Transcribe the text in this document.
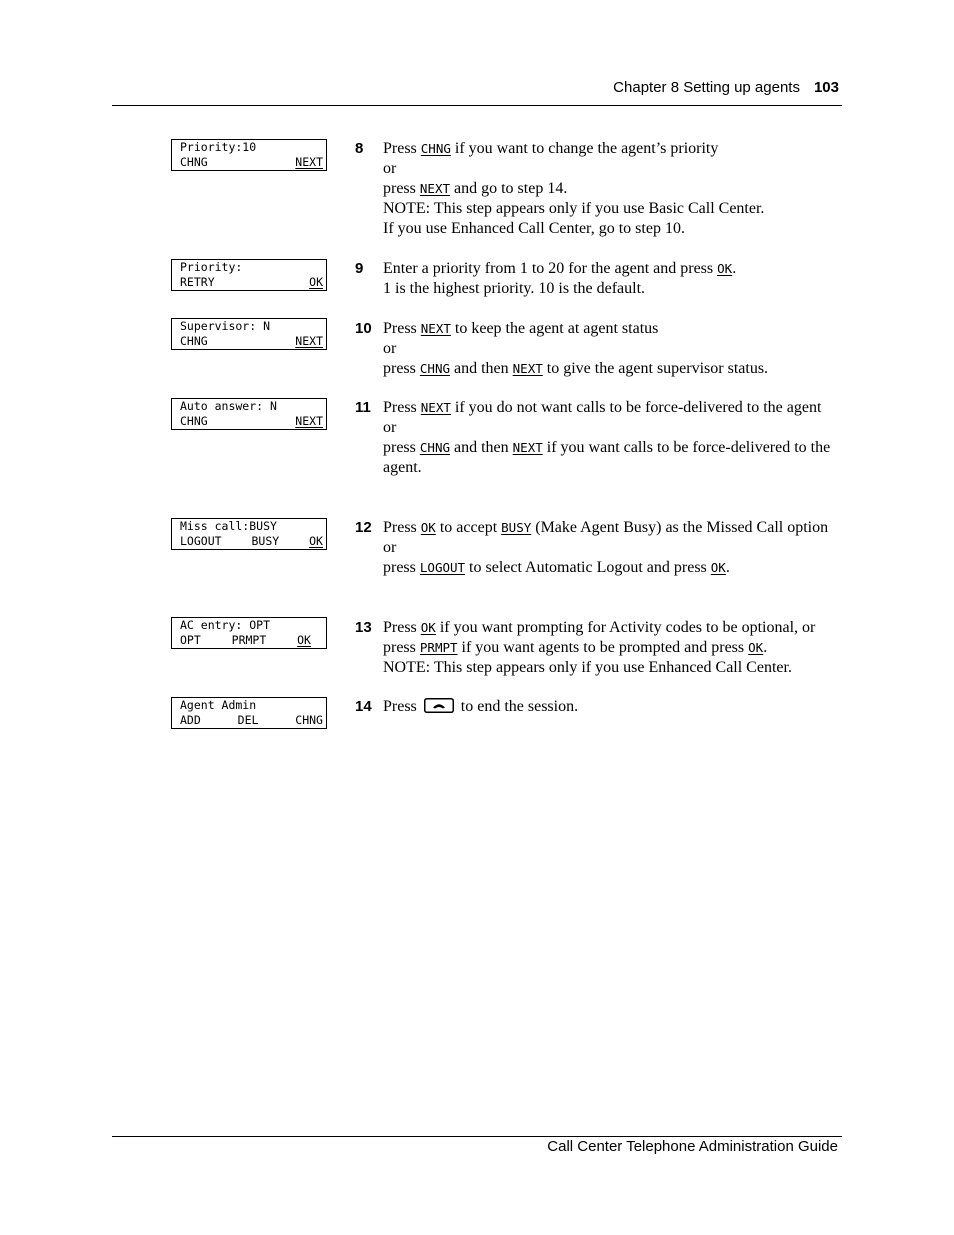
Chapter 8 Setting up agents 103
Priority:10
CHNG	NEXT
Priority:
RETRY	OK
Supervisor: N
CHNG	NEXT
Auto answer: N
CHNG	NEXT
Miss call:BUSY
LOGOUT	BUSY	OK
AC entry: OPT
OPT	PRMPT	OK
Agent Admin
ADD	DEL	CHNG
8 Press CHNG if you want to change the agent’s priority

or

press NEXT and go to step 14.

NOTE: This step appears only if you use Basic Call Center.

If you use Enhanced Call Center, go to step 10.

9 Enter a priority from 1 to 20 for the agent and press OK.

1 is the highest priority. 10 is the default.

10 Press NEXT to keep the agent at agent status

or

press CHNG and then NEXT to give the agent supervisor status.

11 Press NEXT if you do not want calls to be force-delivered to the agent

or

press CHNG and then NEXT if you want calls to be force-delivered to the agent.

12 Press OK to accept BUSY (Make Agent Busy) as the Missed Call option

or

press LOGOUT to select Automatic Logout and press OK.

13 Press OK if you want prompting for Activity codes to be optional, or press PRMPT if you want agents to be prompted and press OK.

NOTE: This step appears only if you use Enhanced Call Center.

14 Press  to end the session.

Call Center Telephone Administration Guide
